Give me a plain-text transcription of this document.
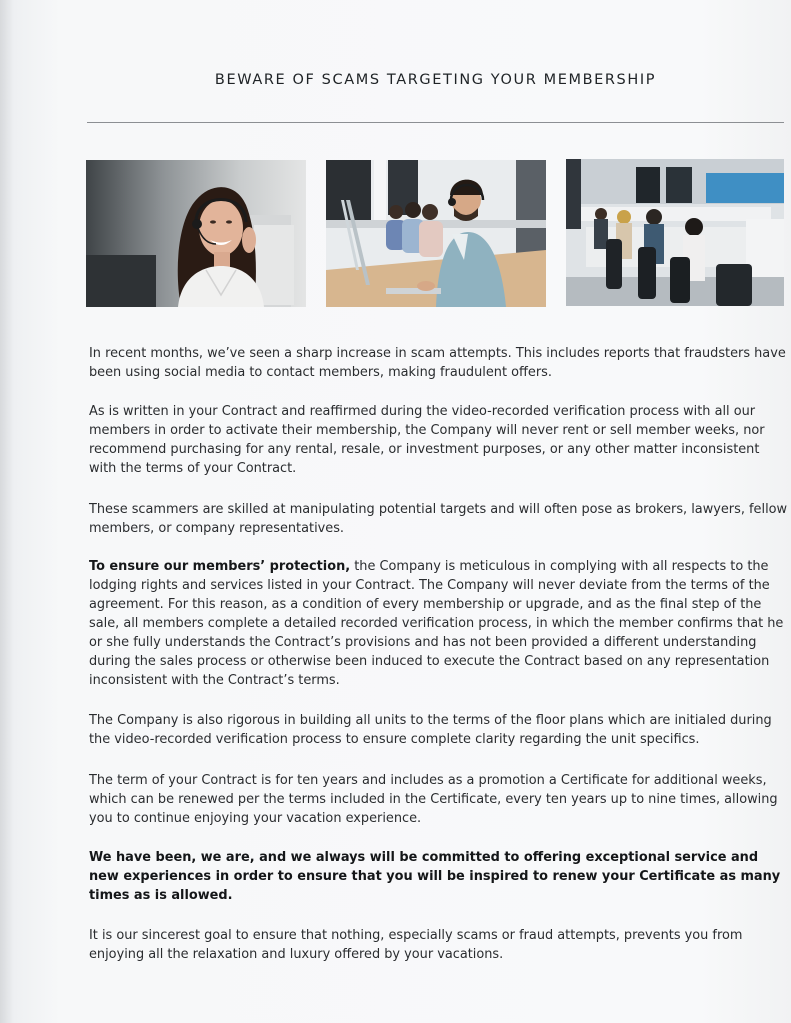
BEWARE OF SCAMS TARGETING YOUR MEMBERSHIP

In recent months, we’ve seen a sharp increase in scam attempts. This includes reports that fraudsters have been using social media to contact members, making fraudulent offers.

As is written in your Contract and reaffirmed during the video-recorded verification process with all our members in order to activate their membership, the Company will never rent or sell member weeks, nor recommend purchasing for any rental, resale, or investment purposes, or any other matter inconsistent with the terms of your Contract.

These scammers are skilled at manipulating potential targets and will often pose as brokers, lawyers, fellow members, or company representatives.

To ensure our members’ protection, the Company is meticulous in complying with all respects to the lodging rights and services listed in your Contract. The Company will never deviate from the terms of the agreement. For this reason, as a condition of every membership or upgrade, and as the final step of the sale, all members complete a detailed recorded verification process, in which the member confirms that he or she fully understands the Contract’s provisions and has not been provided a different understanding during the sales process or otherwise been induced to execute the Contract based on any representation inconsistent with the Contract’s terms.

The Company is also rigorous in building all units to the terms of the floor plans which are initialed during the video-recorded verification process to ensure complete clarity regarding the unit specifics.

The term of your Contract is for ten years and includes as a promotion a Certificate for additional weeks, which can be renewed per the terms included in the Certificate, every ten years up to nine times, allowing you to continue enjoying your vacation experience.

We have been, we are, and we always will be committed to offering exceptional service and new experiences in order to ensure that you will be inspired to renew your Certificate as many times as is allowed.

It is our sincerest goal to ensure that nothing, especially scams or fraud attempts, prevents you from enjoying all the relaxation and luxury offered by your vacations.
